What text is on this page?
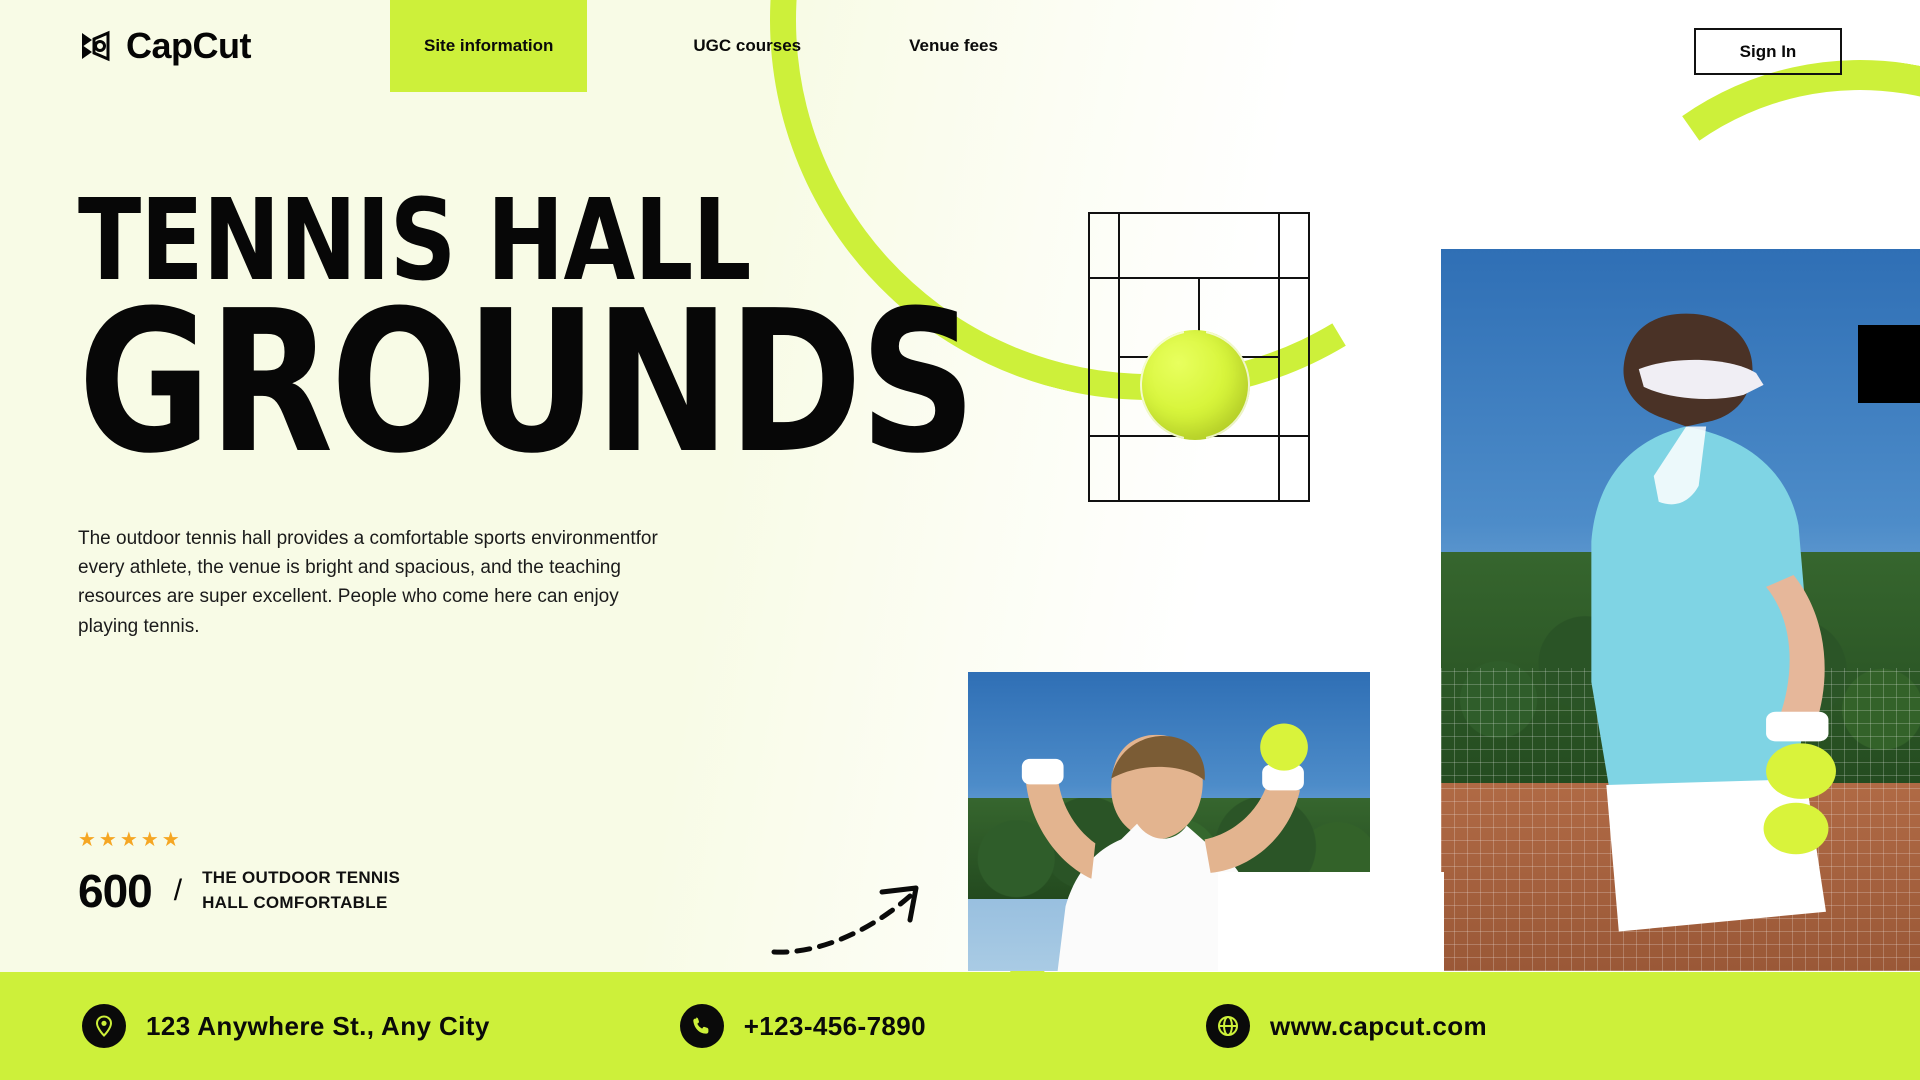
CapCut	Site information	UGC courses	Venue fees	Sign In
TENNIS HALL
GROUNDS

The outdoor tennis hall provides a comfortable sports environmentfor every athlete, the venue is bright and spacious, and the teaching resources are super excellent. People who come here can enjoy playing tennis.

★★★★★
600 / THE OUTDOOR TENNIS
HALL COMFORTABLE
123 Anywhere St., Any City	+123-456-7890	www.capcut.com
